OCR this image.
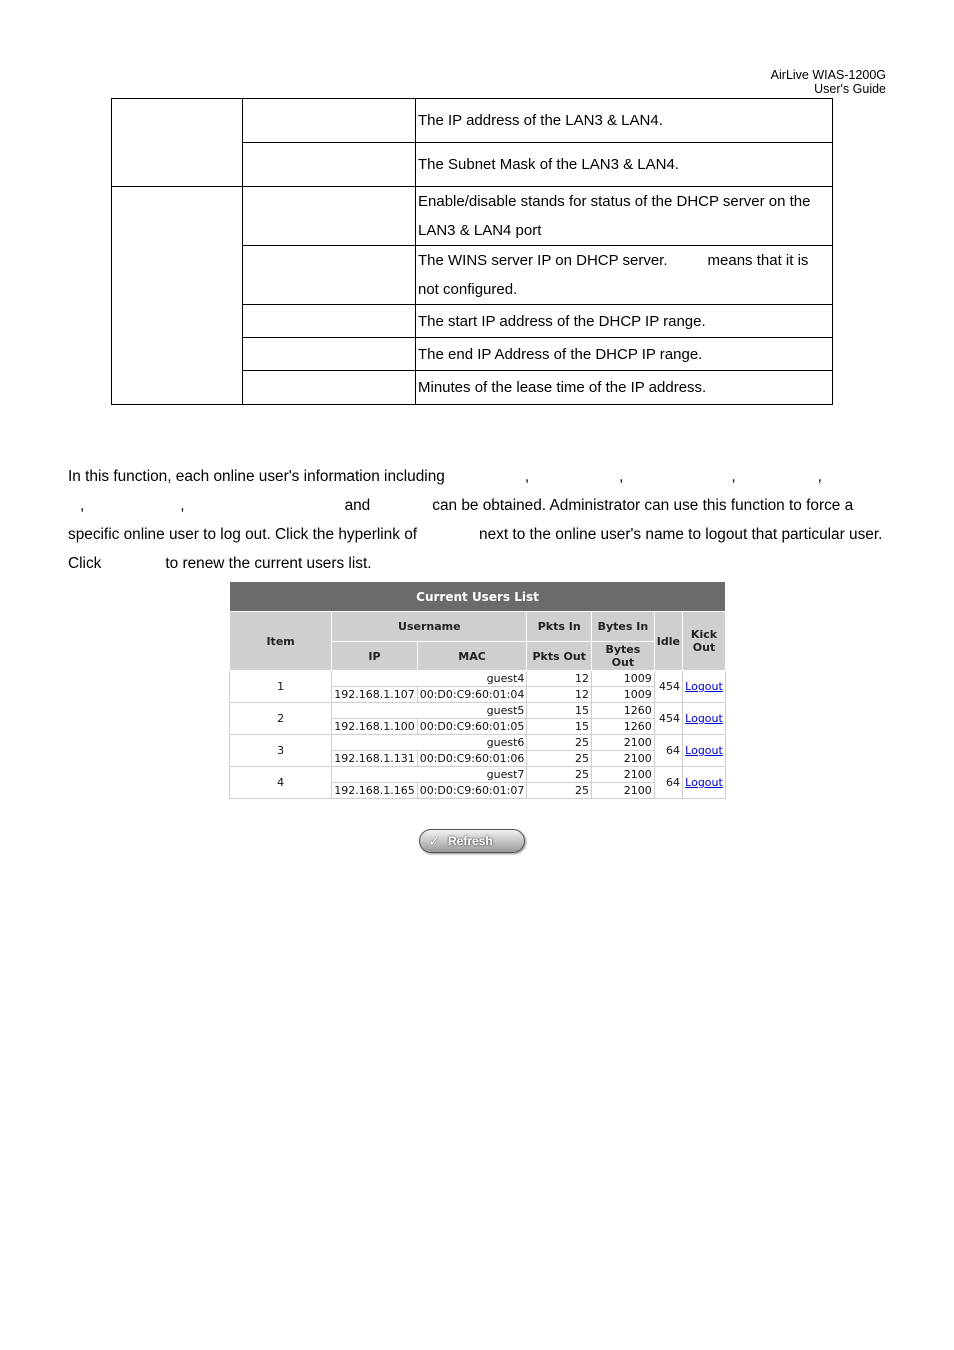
AirLive WIAS-1200G
User's Guide
		The IP address of the LAN3 & LAN4.
		The Subnet Mask of the LAN3 & LAN4.
		Enable/disable stands for status of the DHCP server on the LAN3 & LAN4 port
		The WINS server IP on DHCP server. means that it is not configured.
		The start IP address of the DHCP IP range.
		The end IP Address of the DHCP IP range.
		Minutes of the lease time of the IP address.

In this function, each online user's information including	,	,	,	,
,	,	and	can be obtained. Administrator can use this function to force a specific online user to log out. Click the hyperlink of	next to the online user's name to logout that particular user. Click	to renew the current users list.

Current Users List						
Item	Username		Pkts In	Bytes In	Idle	Kick Out
	IP	MAC	Pkts Out	Bytes Out		
1	guest4		12	1009	454	Logout
	192.168.1.107	00:D0:C9:60:01:04	12	1009		
2	guest5		15	1260	454	Logout
	192.168.1.100	00:D0:C9:60:01:05	15	1260		
3	guest6		25	2100	64	Logout
	192.168.1.131	00:D0:C9:60:01:06	25	2100		
4	guest7		25	2100	64	Logout
	192.168.1.165	00:D0:C9:60:01:07	25	2100		
✓ Refresh
